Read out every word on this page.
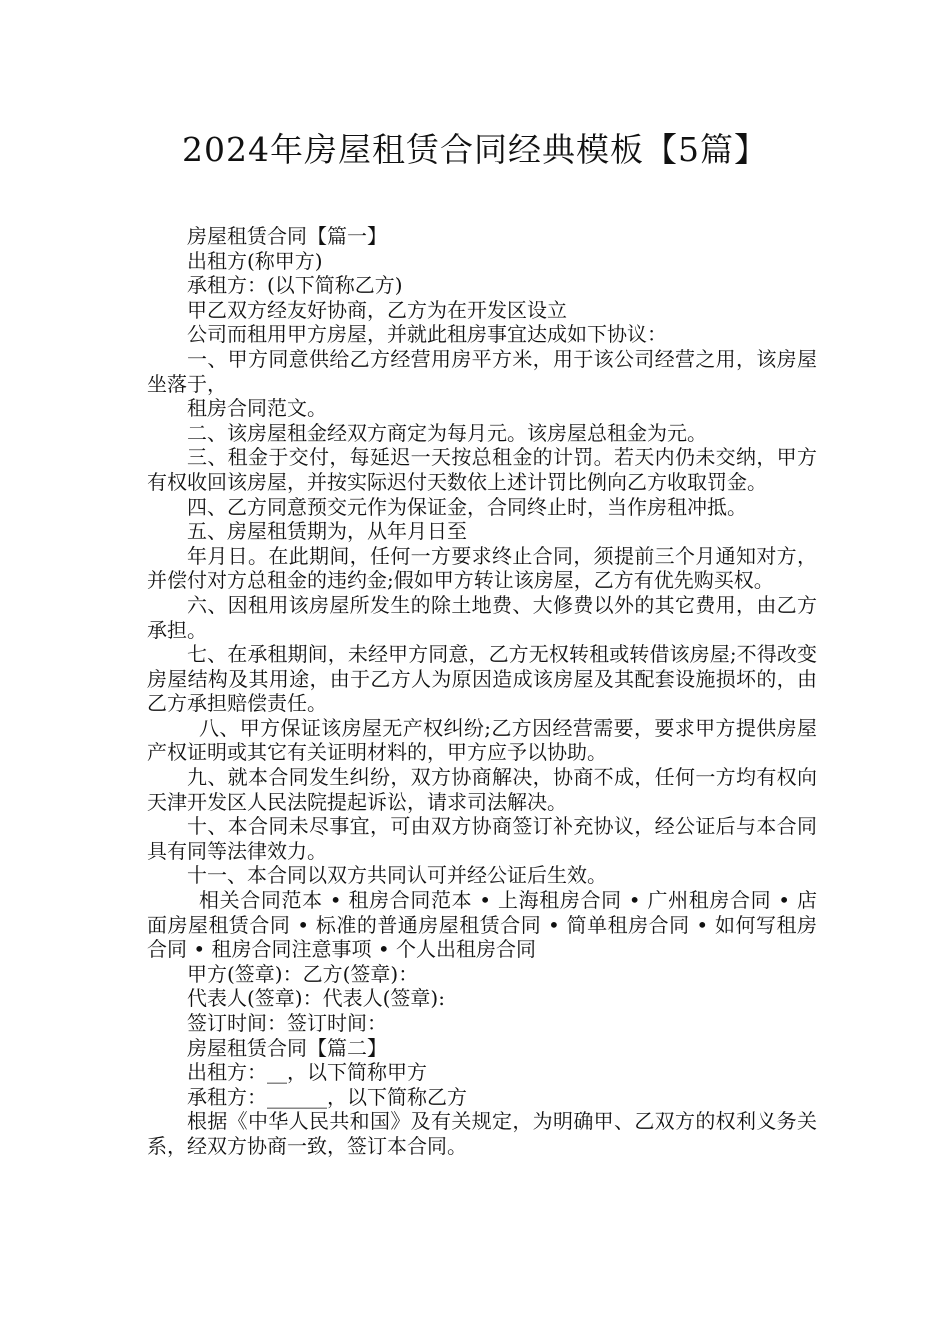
2024年房屋租赁合同经典模板【5篇】

房屋租赁合同【篇一】

出租方(称甲方)

承租方：(以下简称乙方)

甲乙双方经友好协商，乙方为在开发区设立

公司而租用甲方房屋，并就此租房事宜达成如下协议：

一、甲方同意供给乙方经营用房平方米，用于该公司经营之用，该房屋坐落于，

租房合同范文。

二、该房屋租金经双方商定为每月元。该房屋总租金为元。

三、租金于交付，每延迟一天按总租金的计罚。若天内仍未交纳，甲方有权收回该房屋，并按实际迟付天数依上述计罚比例向乙方收取罚金。

四、乙方同意预交元作为保证金，合同终止时，当作房租冲抵。

五、房屋租赁期为，从年月日至

年月日。在此期间，任何一方要求终止合同，须提前三个月通知对方，并偿付对方总租金的违约金;假如甲方转让该房屋，乙方有优先购买权。

六、因租用该房屋所发生的除土地费、大修费以外的其它费用，由乙方承担。

七、在承租期间，未经甲方同意，乙方无权转租或转借该房屋;不得改变房屋结构及其用途，由于乙方人为原因造成该房屋及其配套设施损坏的，由乙方承担赔偿责任。

八、甲方保证该房屋无产权纠纷;乙方因经营需要，要求甲方提供房屋产权证明或其它有关证明材料的，甲方应予以协助。

九、就本合同发生纠纷，双方协商解决，协商不成，任何一方均有权向天津开发区人民法院提起诉讼，请求司法解决。

十、本合同未尽事宜，可由双方协商签订补充协议，经公证后与本合同具有同等法律效力。

十一、本合同以双方共同认可并经公证后生效。

相关合同范本 • 租房合同范本 • 上海租房合同 • 广州租房合同 • 店面房屋租赁合同 • 标准的普通房屋租赁合同 • 简单租房合同 • 如何写租房合同 • 租房合同注意事项 • 个人出租房合同

甲方(签章)：乙方(签章)：

代表人(签章)：代表人(签章):

签订时间：签订时间：

房屋租赁合同【篇二】

出租方：__，以下简称甲方

承租方：______，以下简称乙方

根据《中华人民共和国》及有关规定，为明确甲、乙双方的权利义务关系，经双方协商一致，签订本合同。
